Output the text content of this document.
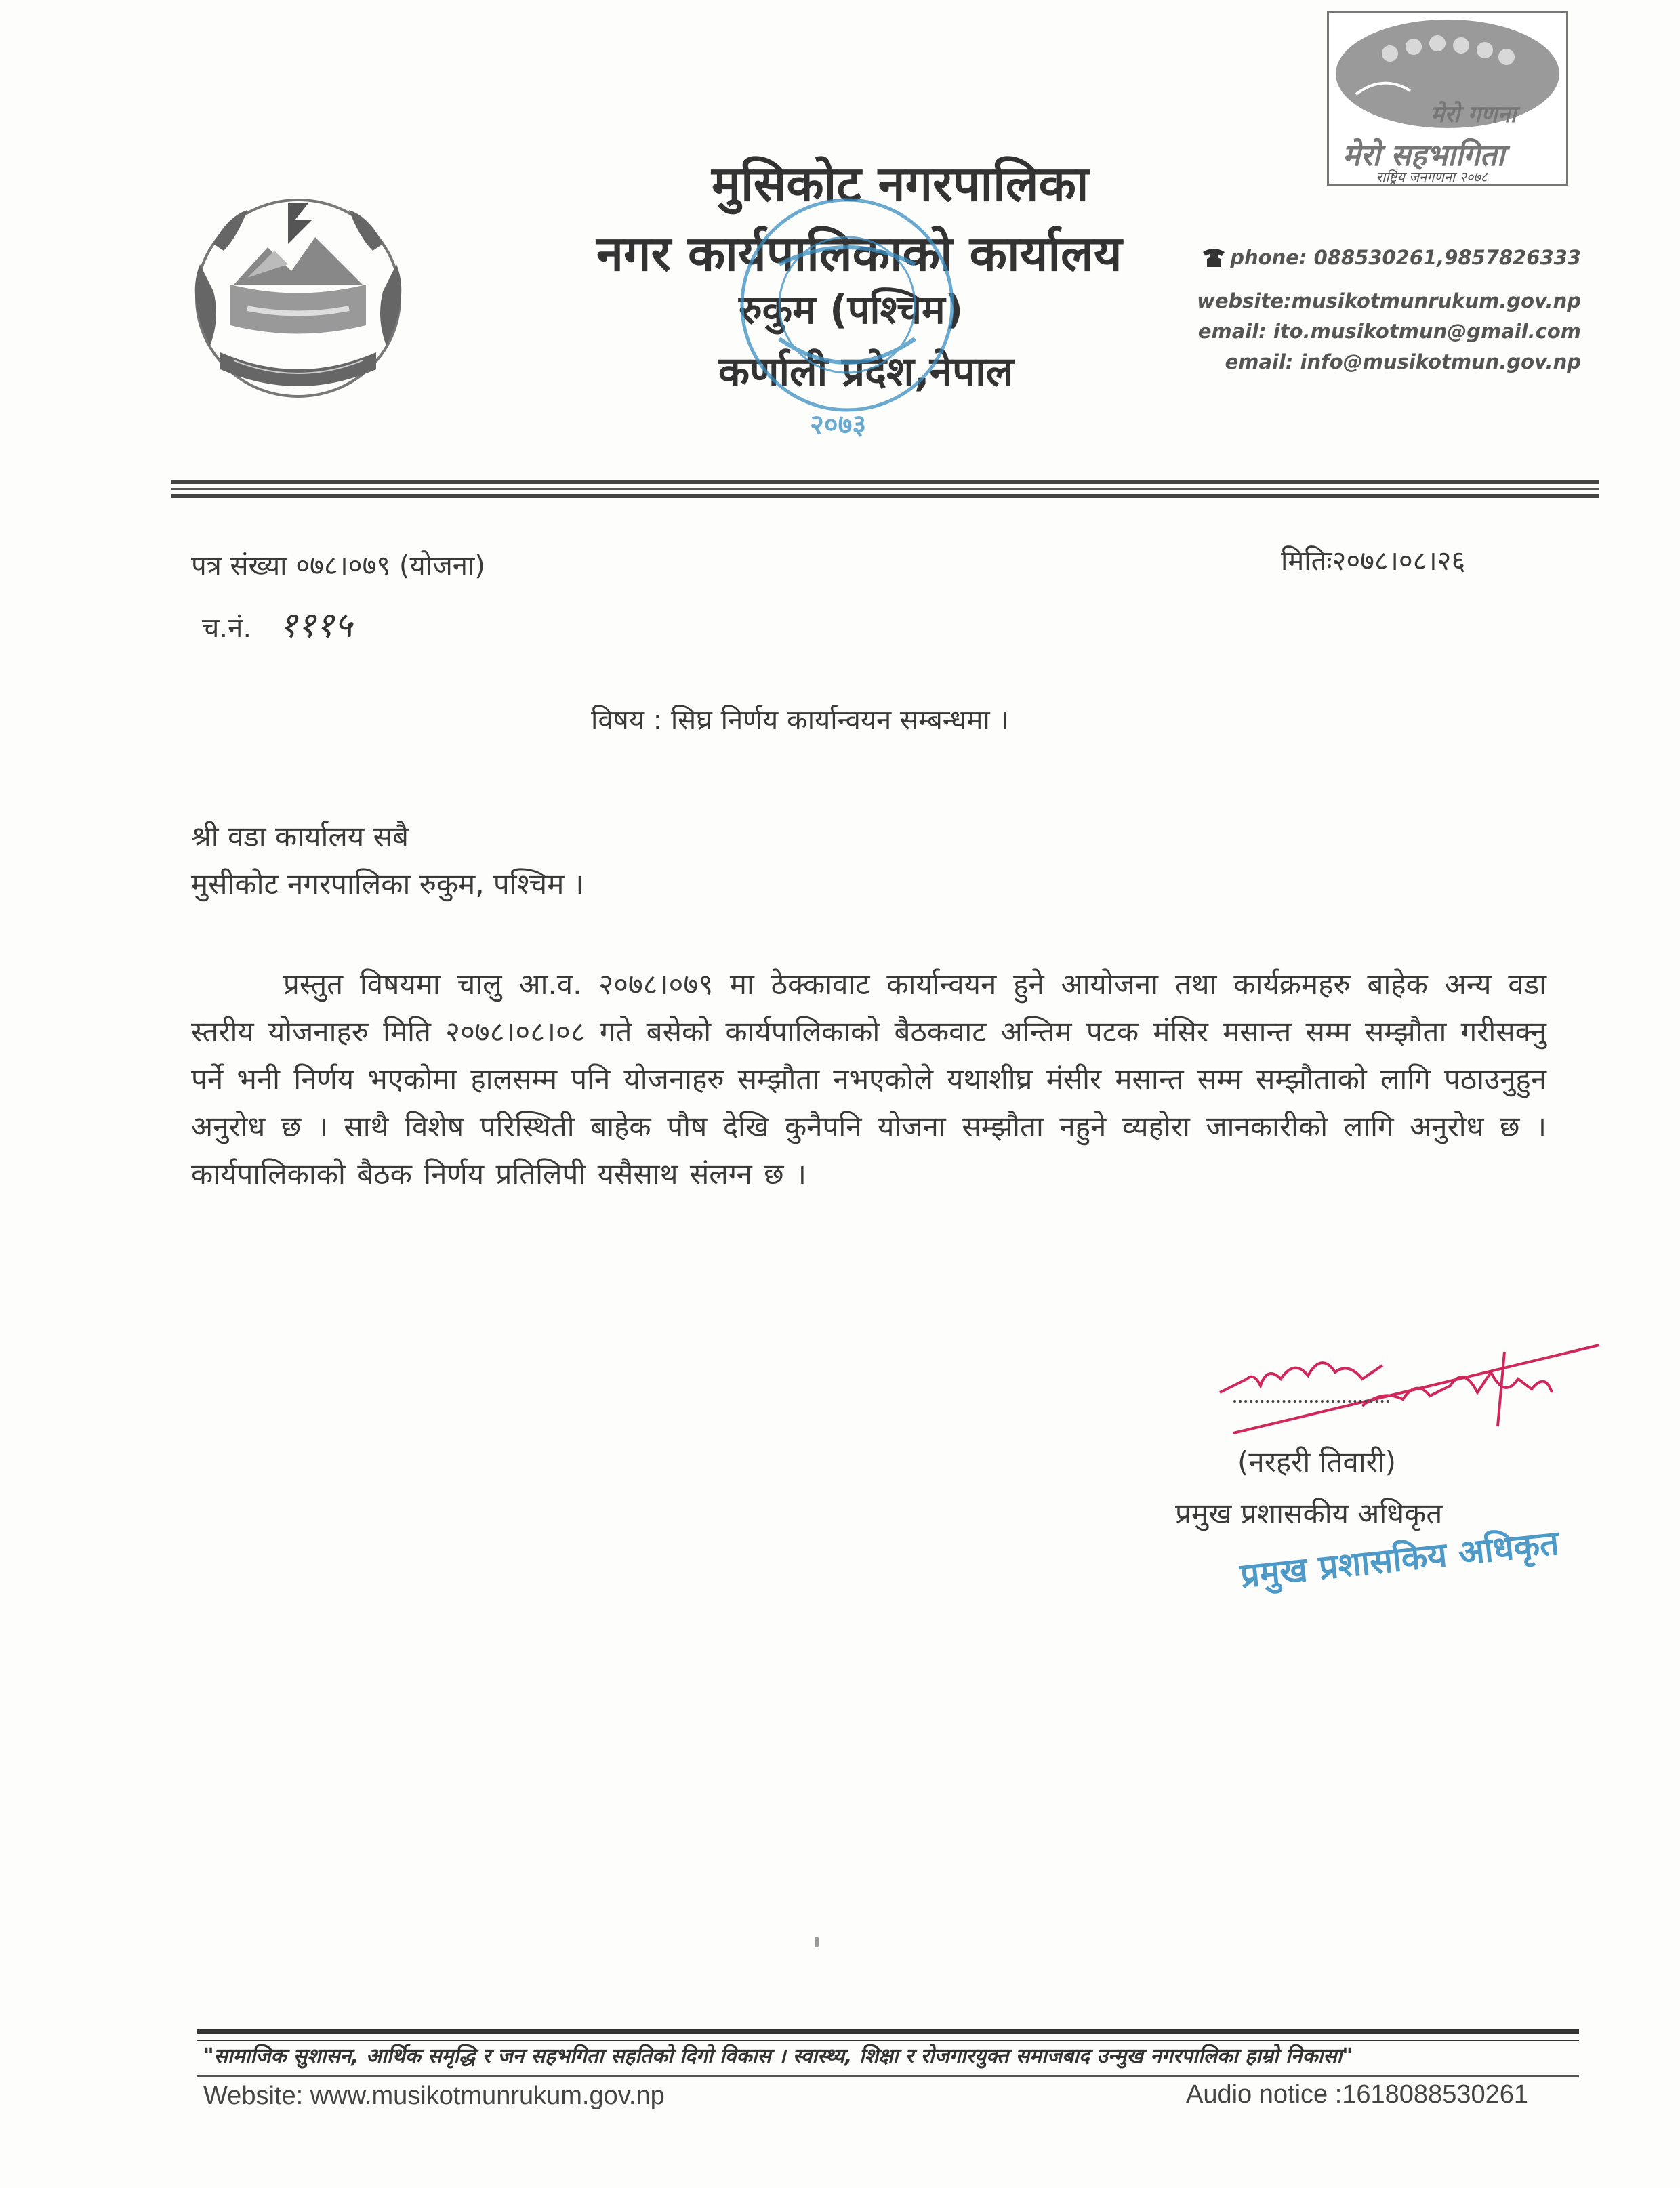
मेरो गणना
मेरो सहभागिता
राष्ट्रिय जनगणना २०७८
मुसिकोट नगरपालिका
नगर कार्यपालिकाको कार्यालय
रुकुम (पश्चिम)
कर्णाली प्रदेश,नेपाल
२०७३
phone: 088530261,9857826333
website:musikotmunrukum.gov.np
email: ito.musikotmun@gmail.com
email: info@musikotmun.gov.np
पत्र संख्या ०७८।०७९ (योजना)	मितिः२०७८।०८।२६
च.नं. १११५
विषय : सिघ्र निर्णय कार्यान्वयन सम्बन्धमा ।
श्री वडा कार्यालय सबै
मुसीकोट नगरपालिका रुकुम, पश्चिम ।
प्रस्तुत विषयमा चालु आ.व. २०७८।०७९ मा ठेक्कावाट कार्यान्वयन हुने आयोजना तथा कार्यक्रमहरु बाहेक अन्य वडा स्तरीय योजनाहरु मिति २०७८।०८।०८ गते बसेको कार्यपालिकाको बैठकवाट अन्तिम पटक मंसिर मसान्त सम्म सम्झौता गरीसक्नु पर्ने भनी निर्णय भएकोमा हालसम्म पनि योजनाहरु सम्झौता नभएकोले यथाशीघ्र मंसीर मसान्त सम्म सम्झौताको लागि पठाउनुहुन अनुरोध छ । साथै विशेष परिस्थिती बाहेक पौष देखि कुनैपनि योजना सम्झौता नहुने व्यहोरा जानकारीको लागि अनुरोध छ । कार्यपालिकाको बैठक निर्णय प्रतिलिपी यसैसाथ संलग्न छ ।
(नरहरी तिवारी)
प्रमुख प्रशासकीय अधिकृत
प्रमुख प्रशासकिय अधिकृत
"सामाजिक सुशासन, आर्थिक समृद्धि र जन सहभगिता सहतिको दिगो विकास । स्वास्थ्य, शिक्षा र रोजगारयुक्त समाजबाद उन्मुख नगरपालिका हाम्रो निकासा"
Website: www.musikotmunrukum.gov.np	Audio notice :1618088530261
